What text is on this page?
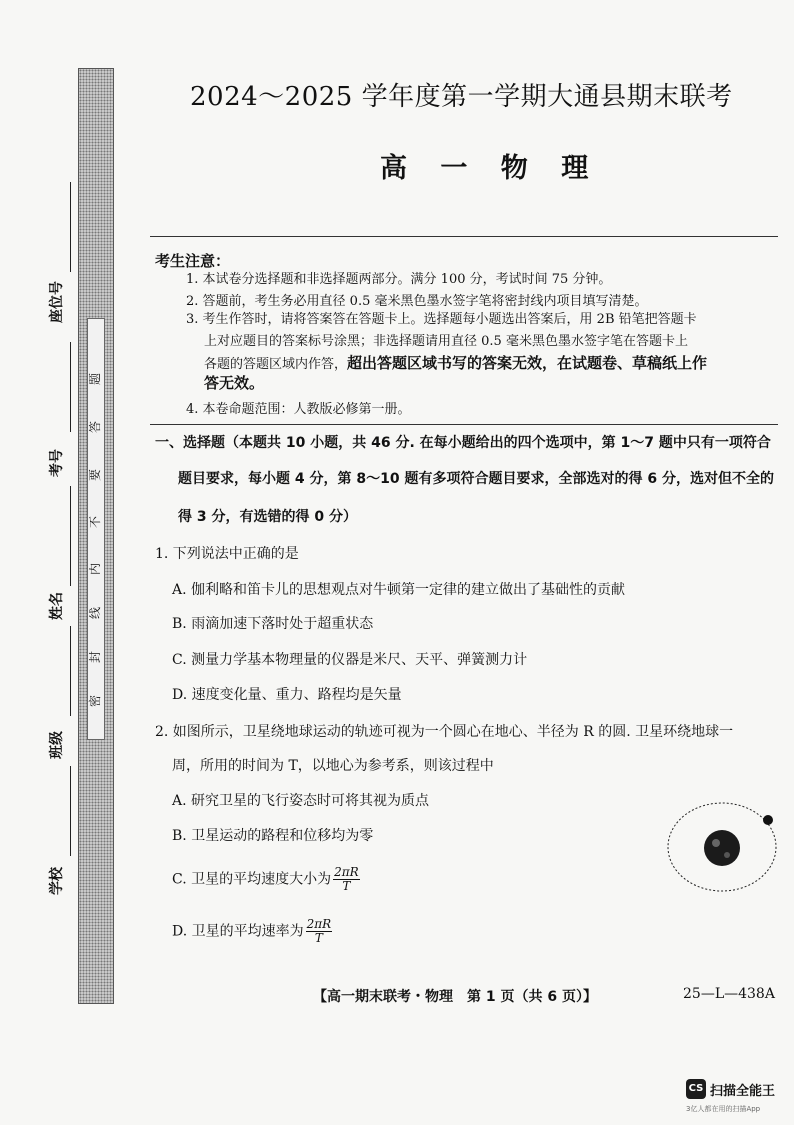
题
答
要
不
内
线
封
密
座位号
考号
姓名
班级
学校
2024～2025 学年度第一学期大通县期末联考
高 一 物 理
考生注意：
1. 本试卷分选择题和非选择题两部分。满分 100 分，考试时间 75 分钟。
2. 答题前，考生务必用直径 0.5 毫米黑色墨水签字笔将密封线内项目填写清楚。
3. 考生作答时，请将答案答在答题卡上。选择题每小题选出答案后，用 2B 铅笔把答题卡
上对应题目的答案标号涂黑；非选择题请用直径 0.5 毫米黑色墨水签字笔在答题卡上
各题的答题区域内作答，超出答题区域书写的答案无效，在试题卷、草稿纸上作
答无效。
4. 本卷命题范围：人教版必修第一册。
一、选择题（本题共 10 小题，共 46 分. 在每小题给出的四个选项中，第 1～7 题中只有一项符合
题目要求，每小题 4 分，第 8～10 题有多项符合题目要求，全部选对的得 6 分，选对但不全的
得 3 分，有选错的得 0 分）
1. 下列说法中正确的是
A. 伽利略和笛卡儿的思想观点对牛顿第一定律的建立做出了基础性的贡献
B. 雨滴加速下落时处于超重状态
C. 测量力学基本物理量的仪器是米尺、天平、弹簧测力计
D. 速度变化量、重力、路程均是矢量
2. 如图所示，卫星绕地球运动的轨迹可视为一个圆心在地心、半径为 R 的圆. 卫星环绕地球一
周，所用的时间为 T，以地心为参考系，则该过程中
A. 研究卫星的飞行姿态时可将其视为质点
B. 卫星运动的路程和位移均为零
C. 卫星的平均速度大小为 $\frac{2\pi R}{T}$
D. 卫星的平均速率为 $\frac{2\pi R}{T}$
【高一期末联考・物理　第 1 页（共 6 页）】	25—L—438A
CS 扫描全能王
3亿人都在用的扫描App
